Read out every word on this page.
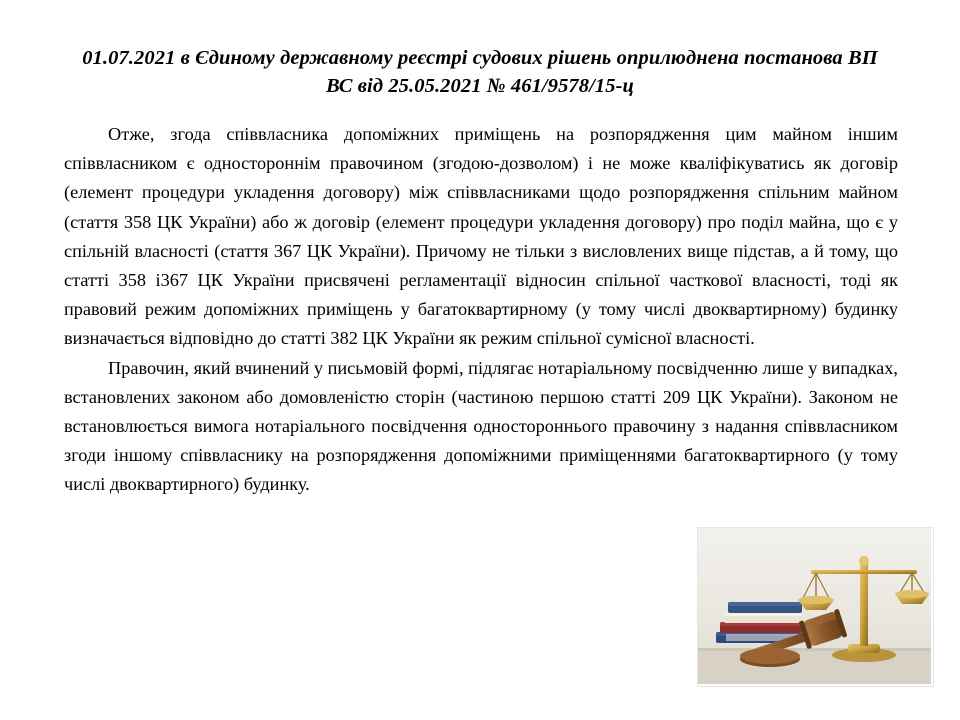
01.07.2021 в Єдиному державному реєстрі судових рішень оприлюднена постанова ВП ВС від 25.05.2021 № 461/9578/15-ц

Отже, згода співвласника допоміжних приміщень на розпорядження цим майном іншим співвласником є одностороннім правочином (згодою-дозволом) і не може кваліфікуватись як договір (елемент процедури укладення договору) між співвласниками щодо розпорядження спільним майном (стаття 358 ЦК України) або ж договір (елемент процедури укладення договору) про поділ майна, що є у спільній власності (стаття 367 ЦК України). Причому не тільки з висловлених вище підстав, а й тому, що статті 358 і367 ЦК України присвячені регламентації відносин спільної часткової власності, тоді як правовий режим допоміжних приміщень у багатоквартирному (у тому числі двоквартирному) будинку визначається відповідно до статті 382 ЦК України як режим спільної сумісної власності.

Правочин, який вчинений у письмовій формі, підлягає нотаріальному посвідченню лише у випадках, встановлених законом або домовленістю сторін (частиною першою статті 209 ЦК України). Законом не встановлюється вимога нотаріального посвідчення одностороннього правочину з надання співвласником згоди іншому співвласнику на розпорядження допоміжними приміщеннями багатоквартирного (у тому числі двоквартирного) будинку.
